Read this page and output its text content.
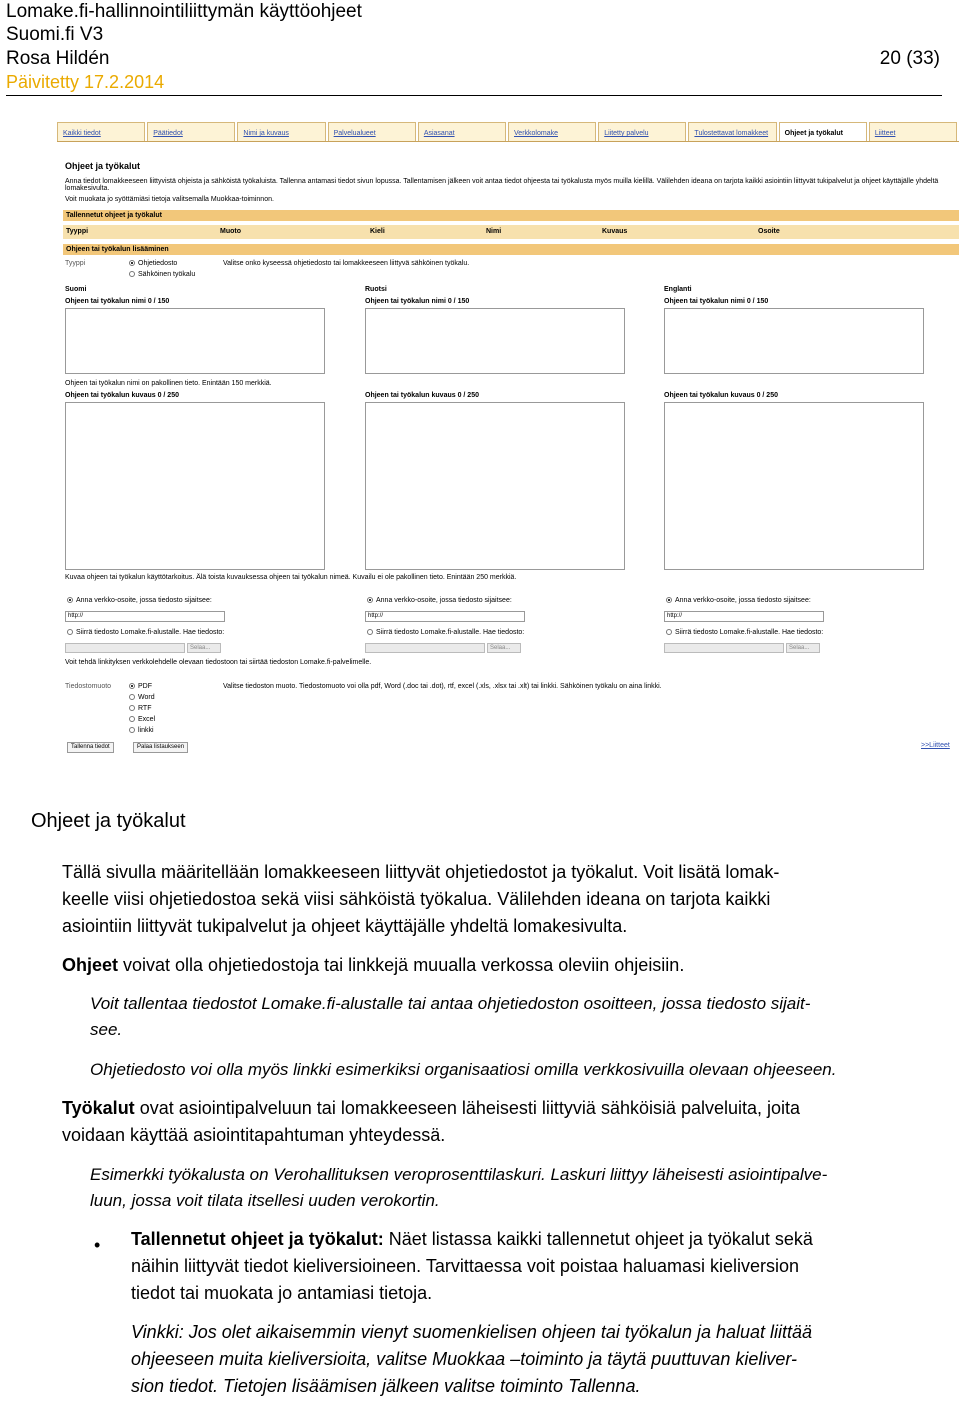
Lomake.fi-hallinnointiliittymän käyttöohjeet
Suomi.fi V3
Rosa Hildén	20 (33)
Päivitetty 17.2.2014
Kaikki tiedot	Päätiedot	Nimi ja kuvaus	Palvelualueet	Asiasanat	Verkkolomake	Liitetty palvelu	Tulostettavat lomakkeet	Ohjeet ja työkalut	Liitteet
Ohjeet ja työkalut
Anna tiedot lomakkeeseen liittyvistä ohjeista ja sähköistä työkaluista. Tallenna antamasi tiedot sivun lopussa. Tallentamisen jälkeen voit antaa tiedot ohjeesta tai työkalusta myös muilla kielillä. Välilehden ideana on tarjota kaikki asiointiin liittyvät tukipalvelut ja ohjeet käyttäjälle yhdeltä lomakesivulta.
Voit muokata jo syöttämiäsi tietoja valitsemalla Muokkaa-toiminnon.
Tallennetut ohjeet ja työkalut
Tyyppi	Muoto	Kieli	Nimi	Kuvaus	Osoite
Ohjeen tai työkalun lisääminen
Tyyppi	Ohjetiedosto
Sähköinen työkalu
Valitse onko kyseessä ohjetiedosto tai lomakkeeseen liittyvä sähköinen työkalu.
Suomi	Ruotsi	Englanti
Ohjeen tai työkalun nimi 0 / 150	Ohjeen tai työkalun nimi 0 / 150	Ohjeen tai työkalun nimi 0 / 150
Ohjeen tai työkalun nimi on pakollinen tieto. Enintään 150 merkkiä.
Ohjeen tai työkalun kuvaus 0 / 250	Ohjeen tai työkalun kuvaus 0 / 250	Ohjeen tai työkalun kuvaus 0 / 250
Kuvaa ohjeen tai työkalun käyttötarkoitus. Älä toista kuvauksessa ohjeen tai työkalun nimeä. Kuvailu ei ole pakollinen tieto. Enintään 250 merkkiä.
Anna verkko-osoite, jossa tiedosto sijaitsee:	Anna verkko-osoite, jossa tiedosto sijaitsee:	Anna verkko-osoite, jossa tiedosto sijaitsee:
http://	http://	http://
Siirrä tiedosto Lomake.fi-alustalle. Hae tiedosto:	Siirrä tiedosto Lomake.fi-alustalle. Hae tiedosto:	Siirrä tiedosto Lomake.fi-alustalle. Hae tiedosto:
Selaa...	Selaa...	Selaa...
Voit tehdä linkityksen verkkolehdelle olevaan tiedostoon tai siirtää tiedoston Lomake.fi-palvelimelle.
Tiedostomuoto	PDF
Word
RTF
Excel
linkki
Valitse tiedoston muoto. Tiedostomuoto voi olla pdf, Word (.doc tai .dot), rtf, excel (.xls, .xlsx tai .xlt) tai linkki. Sähköinen työkalu on aina linkki.
Tallenna tiedot	Palaa listaukseen	>>Liitteet
Ohjeet ja työkalut
Tällä sivulla määritellään lomakkeeseen liittyvät ohjetiedostot ja työkalut. Voit lisätä lomak-
keelle viisi ohjetiedostoa sekä viisi sähköistä työkalua. Välilehden ideana on tarjota kaikki
asiointiin liittyvät tukipalvelut ja ohjeet käyttäjälle yhdeltä lomakesivulta.
Ohjeet voivat olla ohjetiedostoja tai linkkejä muualla verkossa oleviin ohjeisiin.
Voit tallentaa tiedostot Lomake.fi-alustalle tai antaa ohjetiedoston osoitteen, jossa tiedosto sijait-
see.
Ohjetiedosto voi olla myös linkki esimerkiksi organisaatiosi omilla verkkosivuilla olevaan ohjeeseen.
Työkalut ovat asiointipalveluun tai lomakkeeseen läheisesti liittyviä sähköisiä palveluita, joita
voidaan käyttää asiointitapahtuman yhteydessä.
Esimerkki työkalusta on Verohallituksen veroprosenttilaskuri. Laskuri liittyy läheisesti asiointipalve-
luun, jossa voit tilata itsellesi uuden verokortin.
• Tallennetut ohjeet ja työkalut: Näet listassa kaikki tallennetut ohjeet ja työkalut sekä
näihin liittyvät tiedot kieliversioineen. Tarvittaessa voit poistaa haluamasi kieliversion
tiedot tai muokata jo antamiasi tietoja.
Vinkki: Jos olet aikaisemmin vienyt suomenkielisen ohjeen tai työkalun ja haluat liittää
ohjeeseen muita kieliversioita, valitse Muokkaa –toiminto ja täytä puuttuvan kieliver-
sion tiedot. Tietojen lisäämisen jälkeen valitse toiminto Tallenna.
